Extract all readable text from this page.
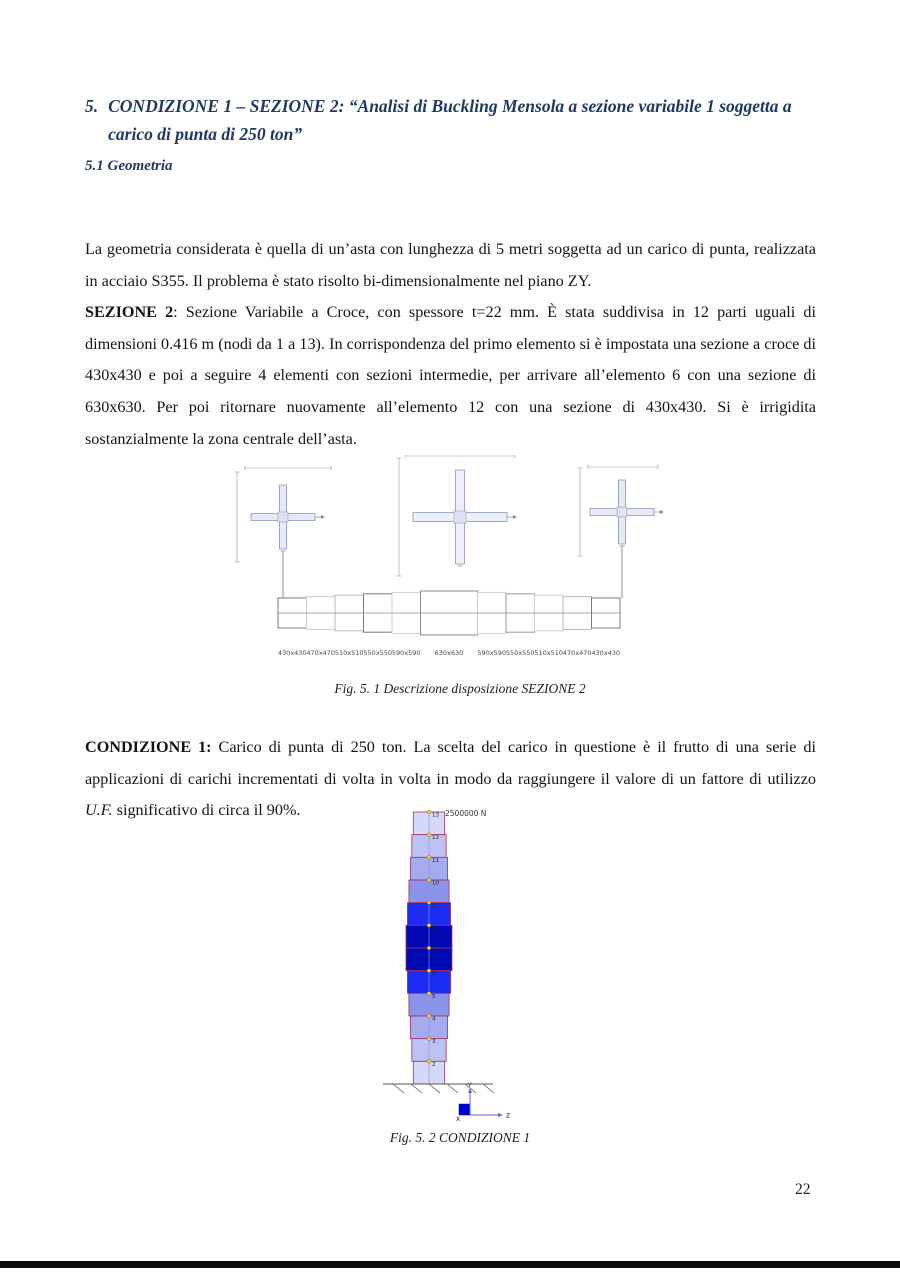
5. CONDIZIONE 1 – SEZIONE 2: “Analisi di Buckling Mensola a sezione variabile 1 soggetta a carico di punta di 250 ton”
5.1 Geometria

La geometria considerata è quella di un’asta con lunghezza di 5 metri soggetta ad un carico di punta, realizzata in acciaio S355. Il problema è stato risolto bi-dimensionalmente nel piano ZY.

SEZIONE 2: Sezione Variabile a Croce, con spessore t=22 mm. È stata suddivisa in 12 parti uguali di dimensioni 0.416 m (nodi da 1 a 13). In corrispondenza del primo elemento si è impostata una sezione a croce di 430x430 e poi a seguire 4 elementi con sezioni intermedie, per arrivare all’elemento 6 con una sezione di 630x630. Per poi ritornare nuovamente all’elemento 12 con una sezione di 430x430. Si è irrigidita sostanzialmente la zona centrale dell’asta.

430x430 470x470 510x510 550x550 590x590 630x630 590x590 550x550 510x510 470x470 430x430
Fig. 5. 1 Descrizione disposizione SEZIONE 2

CONDIZIONE 1: Carico di punta di 250 ton. La scelta del carico in questione è il frutto di una serie di applicazioni di carichi incrementati di volta in volta in modo da raggiungere il valore di un fattore di utilizzo U.F. significativo di circa il 90%.	2500000 N
13
12
11
10
9
8
7
6
5
4
3
2
Y
Z
X
Fig. 5. 2 CONDIZIONE 1
22
